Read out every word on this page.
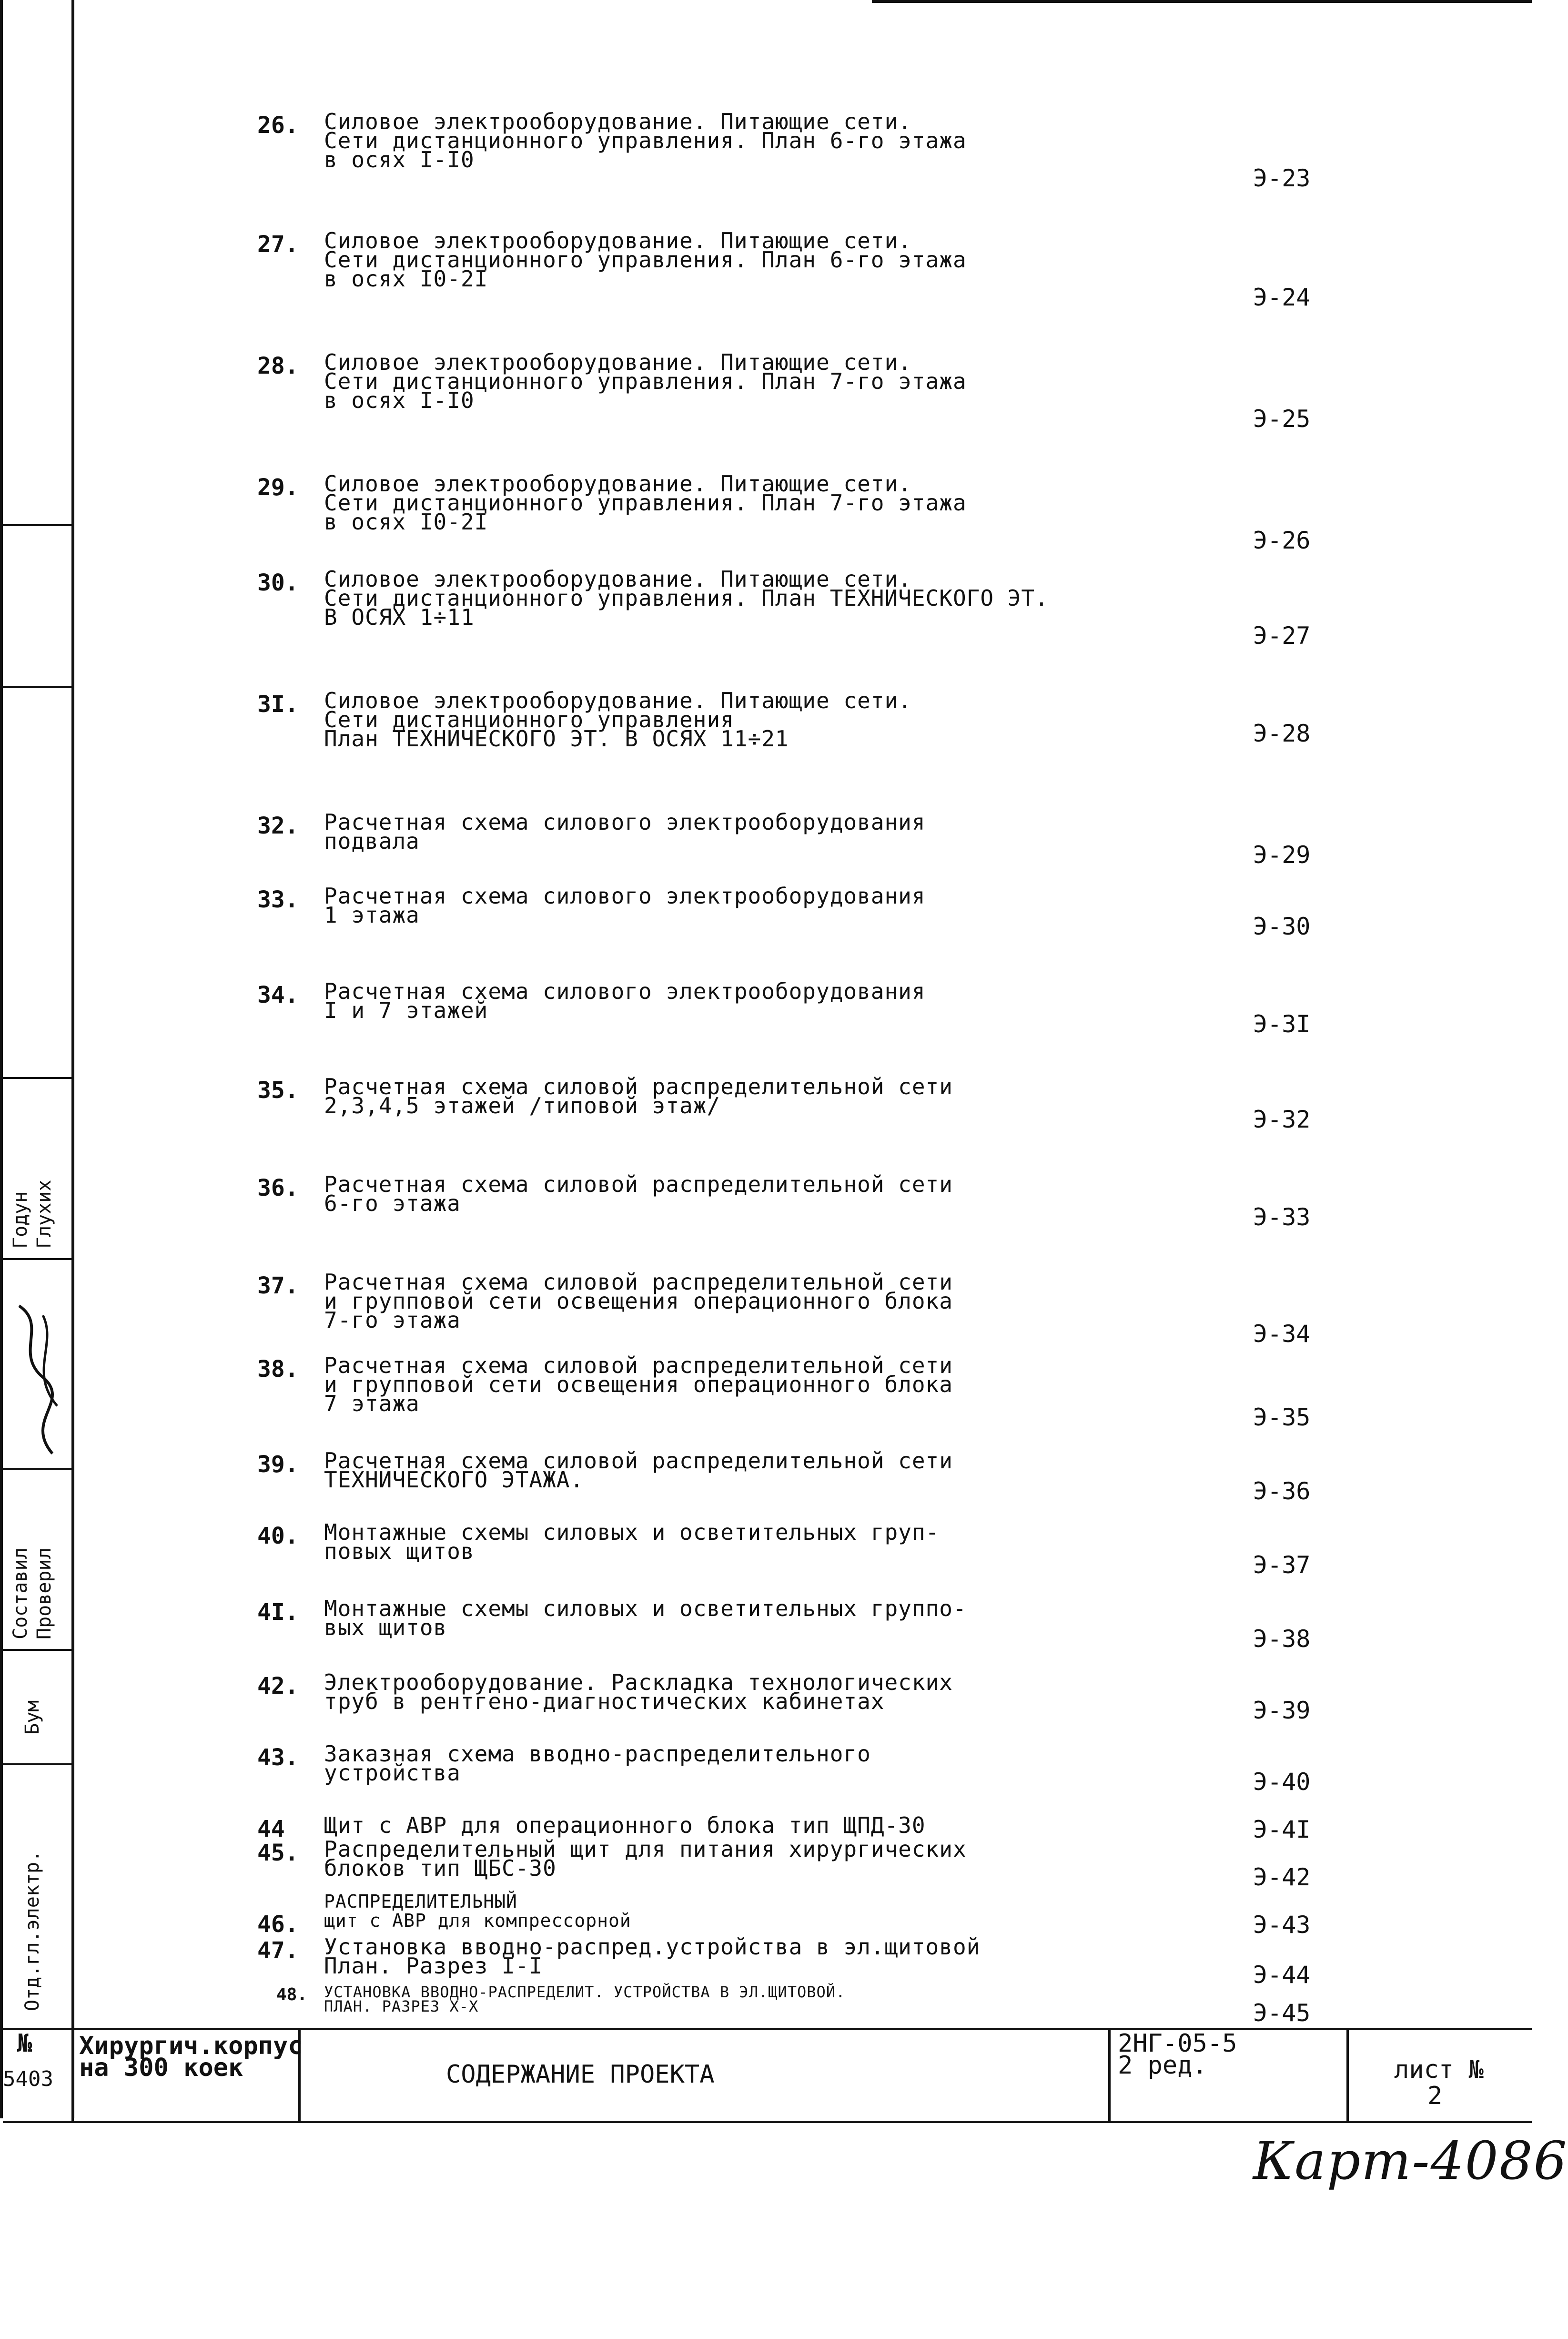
Годун Глухих
Составил Проверил
Бум
Отд.гл.электр.
26. Силовое электрооборудование. Питающие сети.
Сети дистанционного управления. План 6-го этажа
в осях I-I0
Э-23
27. Силовое электрооборудование. Питающие сети.
Сети дистанционного управления. План 6-го этажа
в осях I0-2I
Э-24
28. Силовое электрооборудование. Питающие сети.
Сети дистанционного управления. План 7-го этажа
в осях I-I0
Э-25
29. Силовое электрооборудование. Питающие сети.
Сети дистанционного управления. План 7-го этажа
в осях I0-2I
Э-26
30. Силовое электрооборудование. Питающие сети.
Сети дистанционного управления. План ТЕХНИЧЕСКОГО ЭТ.
В ОСЯХ 1÷11
Э-27
3I. Силовое электрооборудование. Питающие сети.
Сети дистанционного управления
План ТЕХНИЧЕСКОГО ЭТ. В ОСЯХ 11÷21	Э-28
32. Расчетная схема силового электрооборудования
подвала	Э-29
33. Расчетная схема силового электрооборудования
1 этажа	Э-30
34. Расчетная схема силового электрооборудования
I и 7 этажей	Э-3I
35. Расчетная схема силовой распределительной сети
2,3,4,5 этажей /типовой этаж/	Э-32
36. Расчетная схема силовой распределительной сети
6-го этажа	Э-33
37. Расчетная схема силовой распределительной сети
и групповой сети освещения операционного блока
7-го этажа	Э-34
38. Расчетная схема силовой распределительной сети
и групповой сети освещения операционного блока
7 этажа	Э-35
39. Расчетная схема силовой распределительной сети
ТЕХНИЧЕСКОГО ЭТАЖА.	Э-36
40. Монтажные схемы силовых и осветительных груп-
повых щитов	Э-37
4I. Монтажные схемы силовых и осветительных группо-
вых щитов	Э-38
42. Электрооборудование. Раскладка технологических
труб в рентгено-диагностических кабинетах	Э-39
43. Заказная схема вводно-распределительного
устройства	Э-40
44 Щит с АВР для операционного блока тип ЩПД-30	Э-4I
45. Распределительный щит для питания хирургических
блоков тип ЩБС-30	Э-42
46.
РАСПРЕДЕЛИТЕЛЬНЫЙ
щит с АВР для компрессорной	Э-43
47. Установка вводно-распред.устройства в эл.щитовой
План. Разрез I-I	Э-44
48. УСТАНОВКА ВВОДНО-РАСПРЕДЕЛИТ. УСТРОЙСТВА В ЭЛ.ЩИТОВОЙ.
ПЛАН. РАЗРЕЗ Х-Х	Э-45
№
5403
Хирургич.корпус
на 300 коек	СОДЕРЖАНИЕ ПРОЕКТА
2НГ-05-5
2 ред.	лист №
2
Карт-4086
